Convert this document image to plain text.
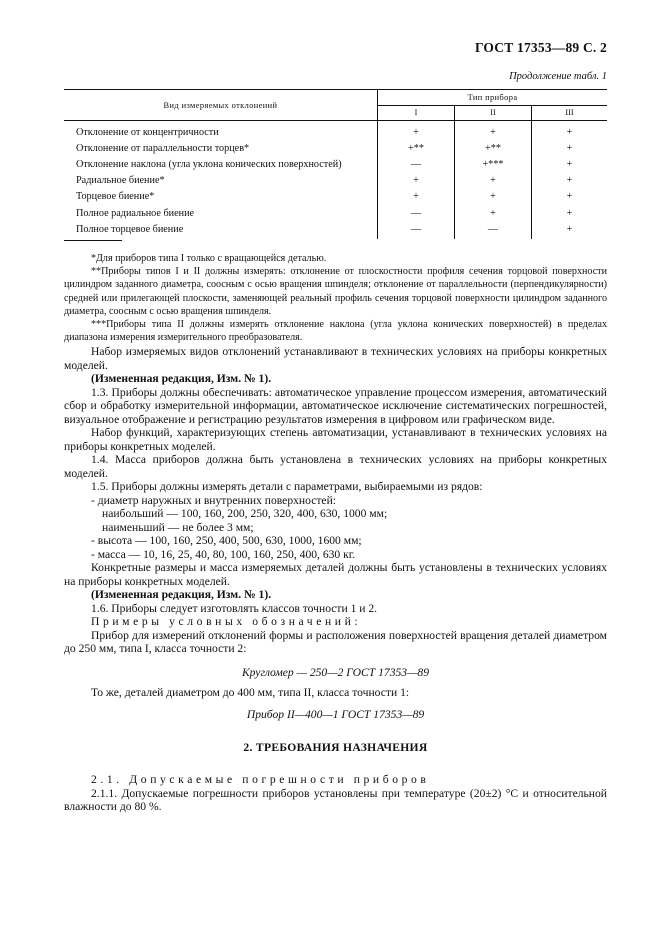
ГОСТ 17353—89 С. 2
Продолжение табл. 1
Вид измеряемых отклонений	Тип прибора		
	I	II	III
Отклонение от концентричности	+	+	+
Отклонение от параллельности торцев*	+**	+**	+
Отклонение наклона (угла уклона конических поверхностей)	—	+***	+
Радиальное биение*	+	+	+
Торцевое биение*	+	+	+
Полное радиальное биение	—	+	+
Полное торцевое биение	—	—	+

*Для приборов типа I только с вращающейся деталью.

**Приборы типов I и II должны измерять: отклонение от плоскостности профиля сечения торцовой поверхности цилиндром заданного диаметра, соосным с осью вращения шпинделя; отклонение от параллельности (перпендикулярности) средней или прилегающей плоскости, заменяющей реальный профиль сечения торцовой поверхности цилиндром заданного диаметра, соосным с осью вращения шпинделя.

***Приборы типа II должны измерять отклонение наклона (угла уклона конических поверхностей) в пределах диапазона измерения измерительного преобразователя.

Набор измеряемых видов отклонений устанавливают в технических условиях на приборы конкретных моделей.

(Измененная редакция, Изм. № 1).

1.3. Приборы должны обеспечивать: автоматическое управление процессом измерения, автоматический сбор и обработку измерительной информации, автоматическое исключение систематических погрешностей, визуальное отображение и регистрацию результатов измерения в цифровом или графическом виде.

Набор функций, характеризующих степень автоматизации, устанавливают в технических условиях на приборы конкретных моделей.

1.4. Масса приборов должна быть установлена в технических условиях на приборы конкретных моделей.

1.5. Приборы должны измерять детали с параметрами, выбираемыми из рядов:

- диаметр наружных и внутренних поверхностей:

наибольший — 100, 160, 200, 250, 320, 400, 630, 1000 мм;

наименьший — не более 3 мм;

- высота — 100, 160, 250, 400, 500, 630, 1000, 1600 мм;

- масса — 10, 16, 25, 40, 80, 100, 160, 250, 400, 630 кг.

Конкретные размеры и масса измеряемых деталей должны быть установлены в технических условиях на приборы конкретных моделей.

(Измененная редакция, Изм. № 1).

1.6. Приборы следует изготовлять классов точности 1 и 2.

Примеры условных обозначений:

Прибор для измерений отклонений формы и расположения поверхностей вращения деталей диаметром до 250 мм, типа I, класса точности 2:

Кругломер — 250—2 ГОСТ 17353—89

То же, деталей диаметром до 400 мм, типа II, класса точности 1:

Прибор II—400—1 ГОСТ 17353—89

2. ТРЕБОВАНИЯ НАЗНАЧЕНИЯ

2.1. Допускаемые погрешности приборов

2.1.1. Допускаемые погрешности приборов установлены при температуре (20±2) °С и относительной влажности до 80 %.
